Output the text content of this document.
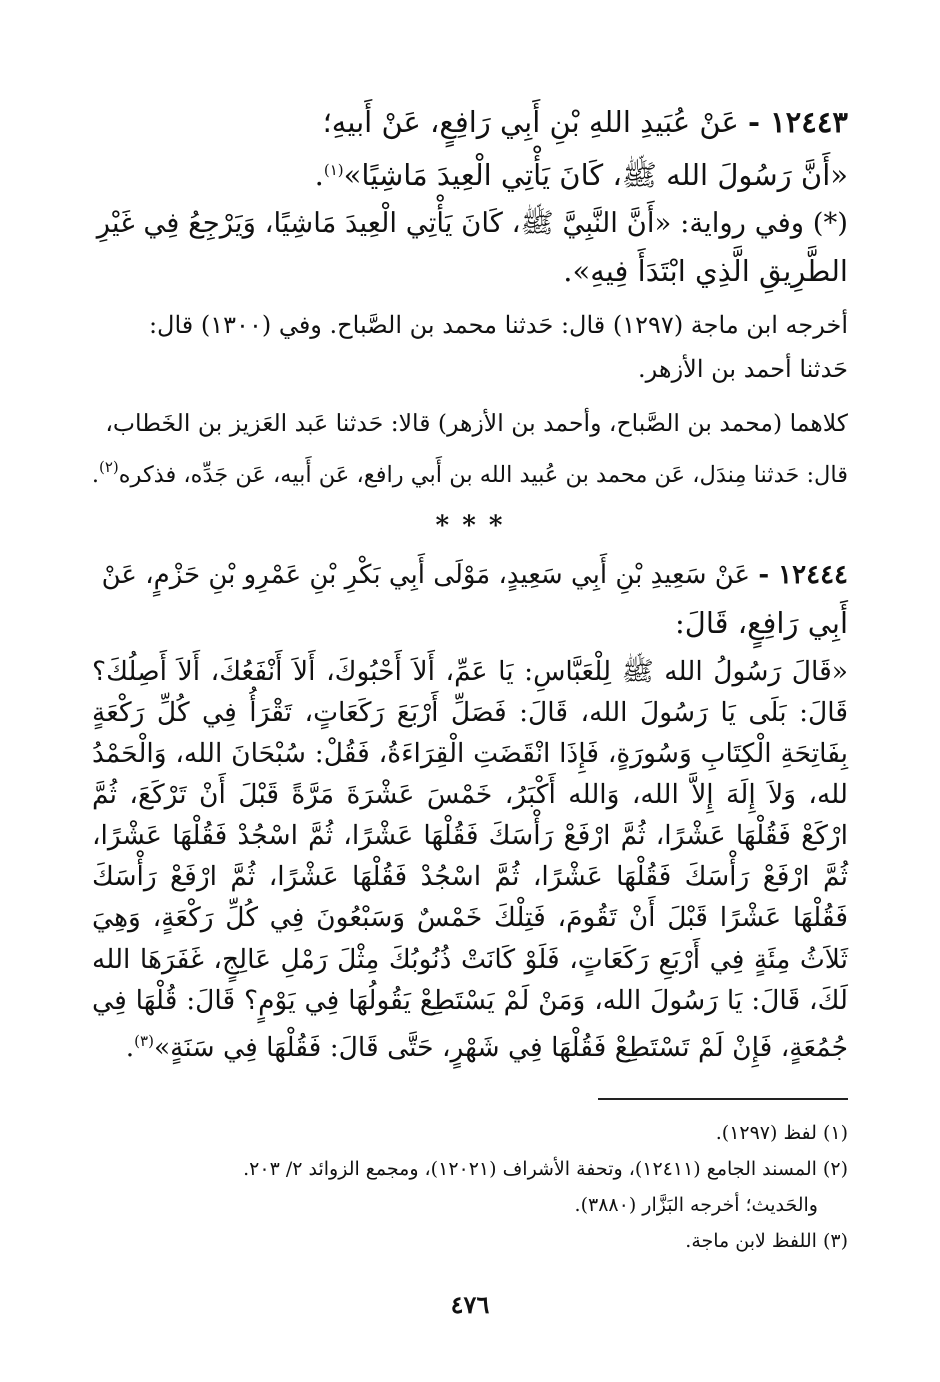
١٢٤٤٣ - عَنْ عُبَيدِ اللهِ بْنِ أَبِي رَافِعٍ، عَنْ أَبيهِ؛

«أَنَّ رَسُولَ الله ﷺ، كَانَ يَأْتِي الْعِيدَ مَاشِيًا»$^{(١)}$.

(*) وفي رواية: «أَنَّ النَّبِيَّ ﷺ، كَانَ يَأْتِي الْعِيدَ مَاشِيًا، وَيَرْجِعُ فِي غَيْرِ

الطَّرِيقِ الَّذِي ابْتَدَأَ فِيهِ».

أخرجه ابن ماجة (١٢٩٧) قال: حَدثنا محمد بن الصَّباح. وفي (١٣٠٠) قال:
حَدثنا أحمد بن الأزهر.
كلاهما (محمد بن الصَّباح، وأحمد بن الأزهر) قالا: حَدثنا عَبد العَزيز بن الخَطاب،
قال: حَدثنا مِندَل، عَن محمد بن عُبيد الله بن أَبي رافع، عَن أَبيه، عَن جَدِّه، فذكره$^{(٢)}$.
* * *

١٢٤٤٤ - عَنْ سَعِيدِ بْنِ أَبِي سَعِيدٍ، مَوْلَى أَبِي بَكْرِ بْنِ عَمْرِو بْنِ حَزْمٍ، عَنْ

أَبِي رَافِعٍ، قَالَ:

«قَالَ رَسُولُ الله ﷺ لِلْعَبَّاسِ: يَا عَمِّ، أَلاَ أَحْبُوكَ، أَلاَ أَنْفَعُكَ، أَلاَ أَصِلُكَ؟ قَالَ: بَلَى يَا رَسُولَ الله، قَالَ: فَصَلِّ أَرْبَعَ رَكَعَاتٍ، تَقْرَأُ فِي كُلِّ رَكْعَةٍ بِفَاتِحَةِ الْكِتَابِ وَسُورَةٍ، فَإِذَا انْقَضَتِ الْقِرَاءَةُ، فَقُلْ: سُبْحَانَ الله، وَالْحَمْدُ لله، وَلاَ إِلَهَ إِلاَّ الله، وَالله أَكْبَرُ، خَمْسَ عَشْرَةَ مَرَّةً قَبْلَ أَنْ تَرْكَعَ، ثُمَّ ارْكَعْ فَقُلْهَا عَشْرًا، ثُمَّ ارْفَعْ رَأْسَكَ فَقُلْهَا عَشْرًا، ثُمَّ اسْجُدْ فَقُلْهَا عَشْرًا، ثُمَّ ارْفَعْ رَأْسَكَ فَقُلْهَا عَشْرًا، ثُمَّ اسْجُدْ فَقُلْهَا عَشْرًا، ثُمَّ ارْفَعْ رَأْسَكَ فَقُلْهَا عَشْرًا قَبْلَ أَنْ تَقُومَ، فَتِلْكَ خَمْسٌ وَسَبْعُونَ فِي كُلِّ رَكْعَةٍ، وَهِيَ ثَلاَثُ مِئَةٍ فِي أَرْبَعِ رَكَعَاتٍ، فَلَوْ كَانَتْ ذُنُوبُكَ مِثْلَ رَمْلِ عَالِجٍ، غَفَرَهَا الله لَكَ، قَالَ: يَا رَسُولَ الله، وَمَنْ لَمْ يَسْتَطِعْ يَقُولُهَا فِي يَوْمٍ؟ قَالَ: قُلْهَا فِي جُمُعَةٍ، فَإِنْ لَمْ تَسْتَطِعْ فَقُلْهَا فِي شَهْرٍ، حَتَّى قَالَ: فَقُلْهَا فِي سَنَةٍ»$^{(٣)}$.

(١) لفظ (١٢٩٧).

(٢) المسند الجامع (١٢٤١١)، وتحفة الأشراف (١٢٠٢١)، ومجمع الزوائد ٢/ ٢٠٣.

والحَديث؛ أخرجه البَزَّار (٣٨٨٠).

(٣) اللفظ لابن ماجة.

٤٧٦
